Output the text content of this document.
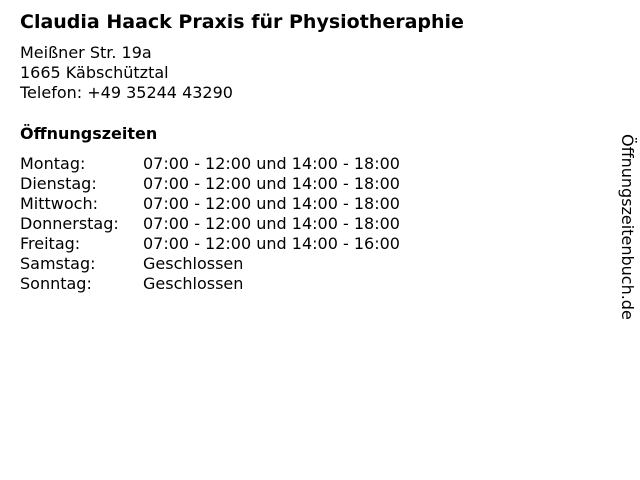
Claudia Haack Praxis für Physiotheraphie
Meißner Str. 19a
1665 Käbschütztal
Telefon: +49 35244 43290
Öffnungszeiten
Montag:	07:00 - 12:00 und 14:00 - 18:00
Dienstag:	07:00 - 12:00 und 14:00 - 18:00
Mittwoch:	07:00 - 12:00 und 14:00 - 18:00
Donnerstag:	07:00 - 12:00 und 14:00 - 18:00
Freitag:	07:00 - 12:00 und 14:00 - 16:00
Samstag:	Geschlossen
Sonntag:	Geschlossen	Öffnungszeitenbuch.de
